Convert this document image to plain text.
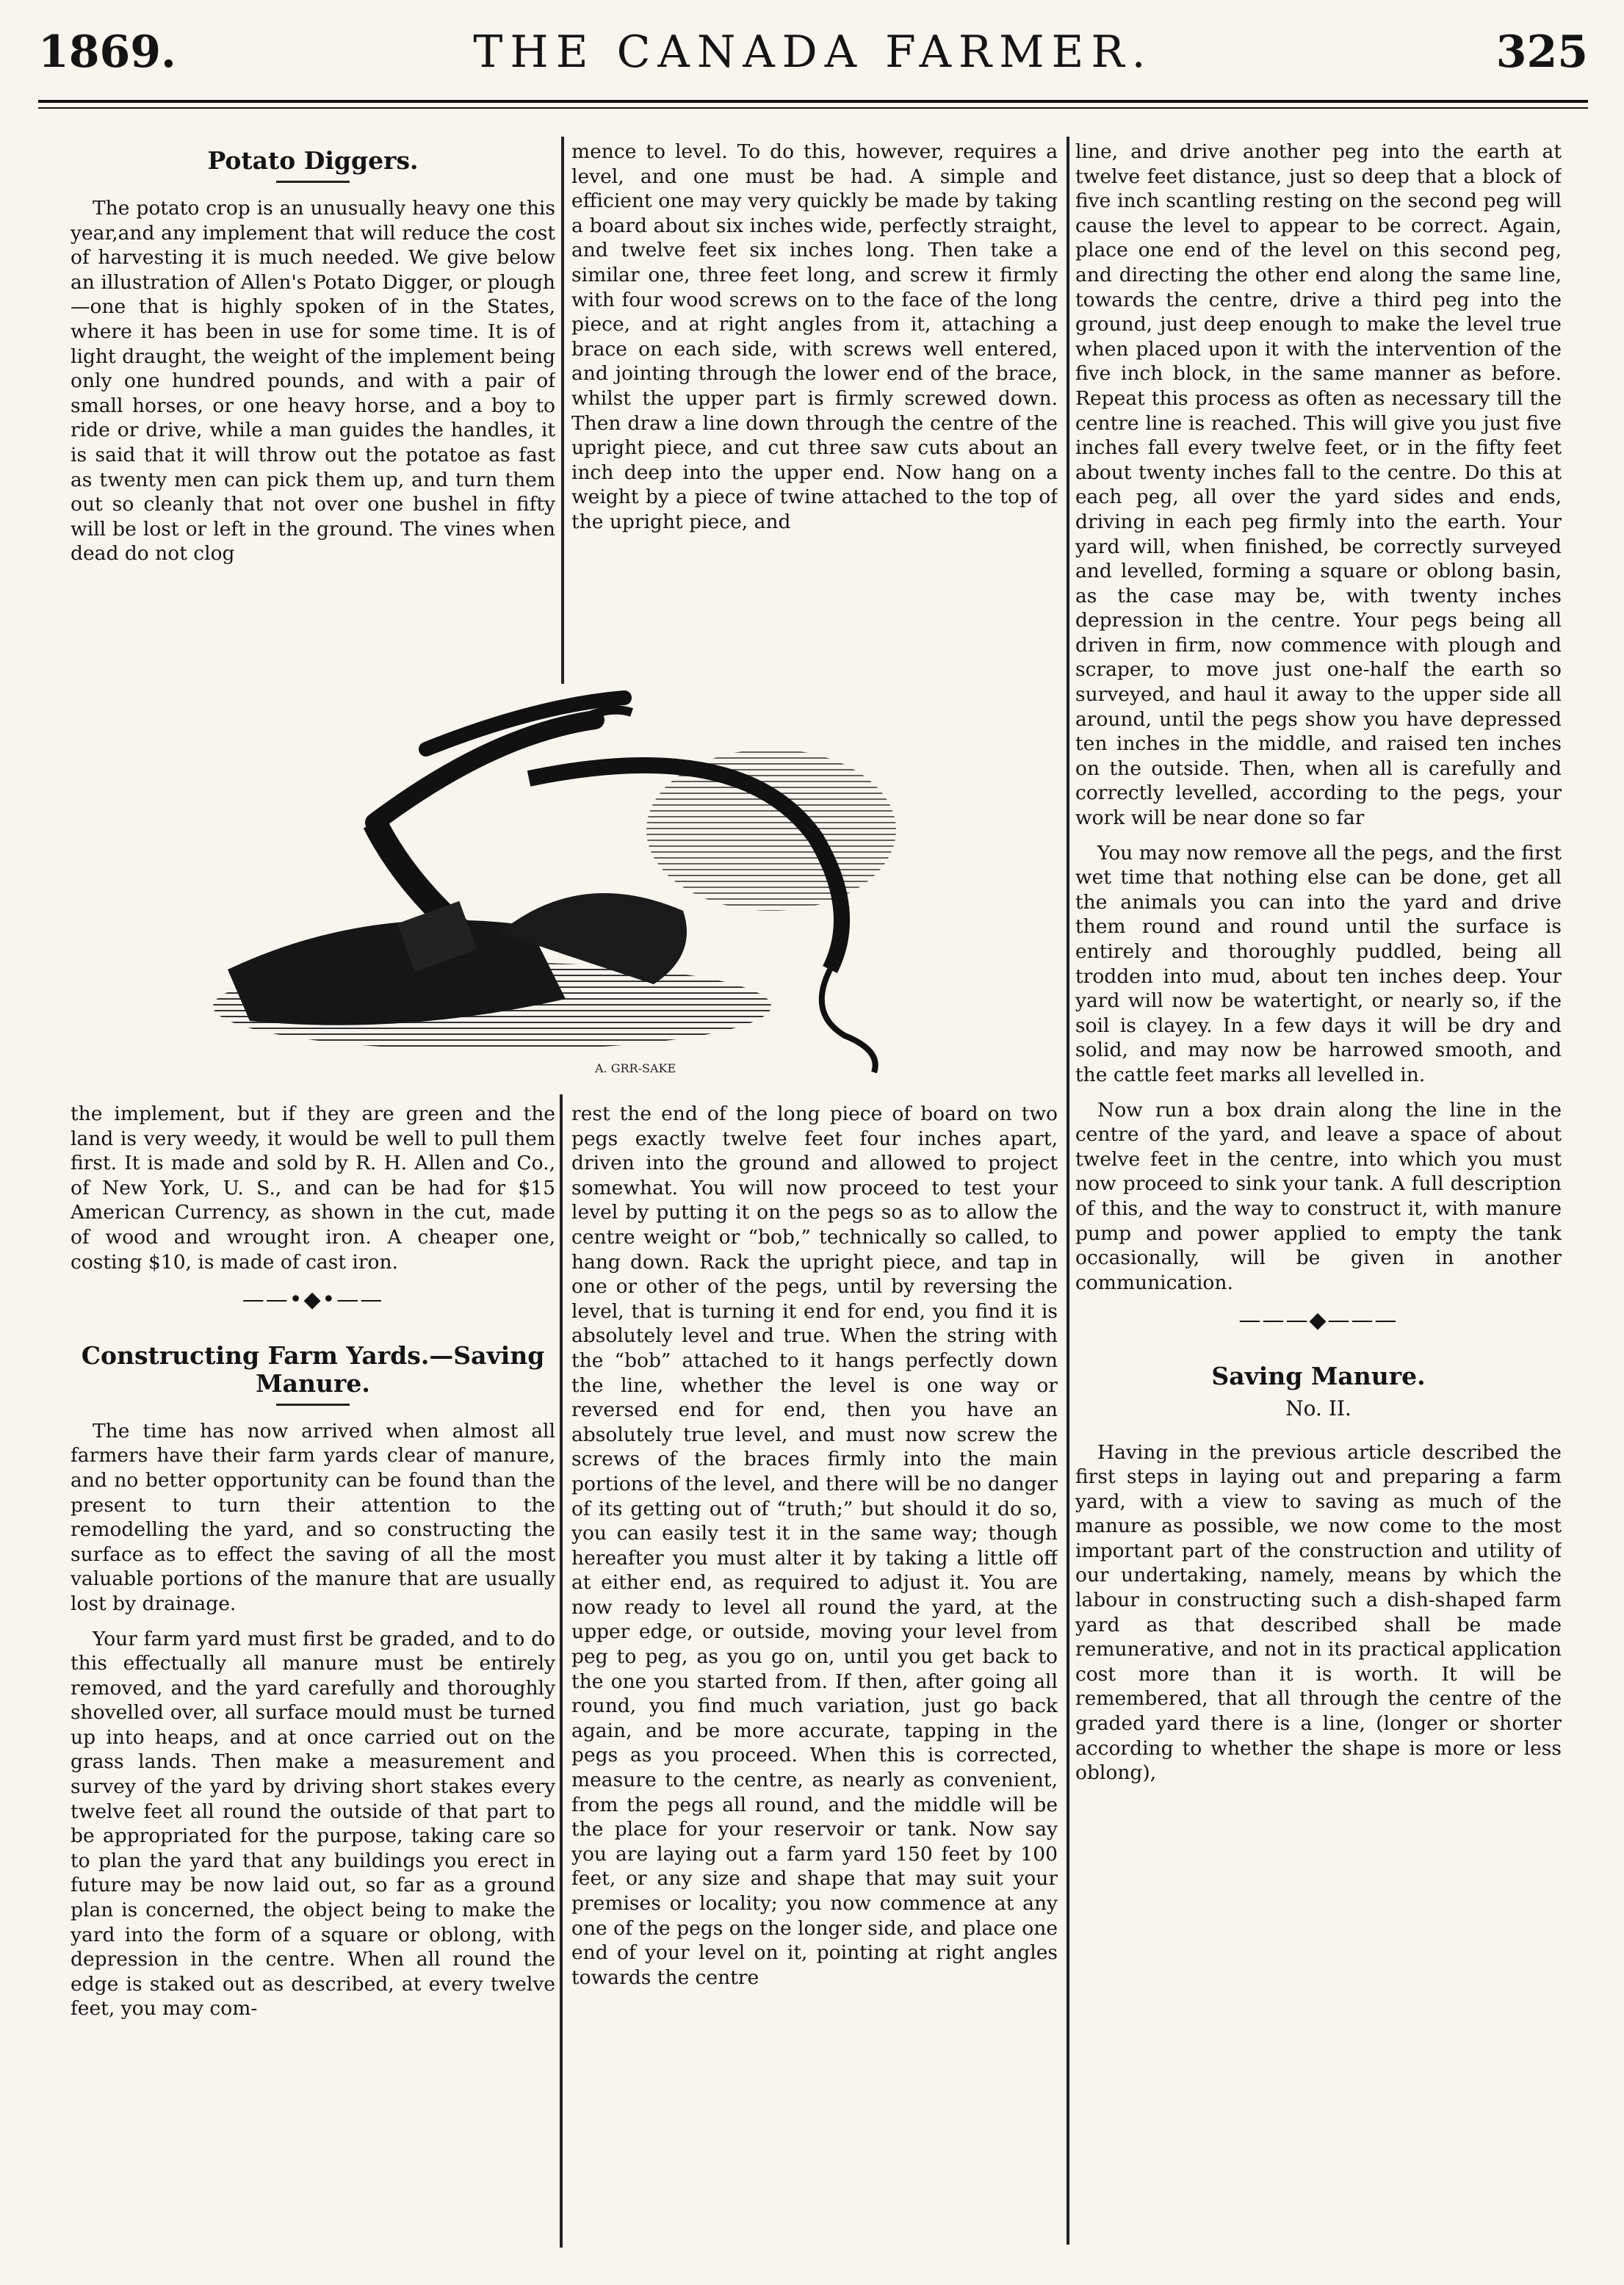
1869.	THE CANADA FARMER.	325
Potato Diggers.

The potato crop is an unusually heavy one this year,and any implement that will reduce the cost of harvesting it is much needed. We give below an illustration of Allen's Potato Digger, or plough—one that is highly spoken of in the States, where it has been in use for some time. It is of light draught, the weight of the implement being only one hundred pounds, and with a pair of small horses, or one heavy horse, and a boy to ride or drive, while a man guides the handles, it is said that it will throw out the potatoe as fast as twenty men can pick them up, and turn them out so cleanly that not over one bushel in fifty will be lost or left in the ground. The vines when dead do not clog

mence to level. To do this, however, requires a level, and one must be had. A simple and efficient one may very quickly be made by taking a board about six inches wide, perfectly straight, and twelve feet six inches long. Then take a similar one, three feet long, and screw it firmly with four wood screws on to the face of the long piece, and at right angles from it, attaching a brace on each side, with screws well entered, and jointing through the lower end of the brace, whilst the upper part is firmly screwed down. Then draw a line down through the centre of the upright piece, and cut three saw cuts about an inch deep into the upper end. Now hang on a weight by a piece of twine attached to the top of the upright piece, and

A. GRR-SAKE

line, and drive another peg into the earth at twelve feet distance, just so deep that a block of five inch scantling resting on the second peg will cause the level to appear to be correct. Again, place one end of the level on this second peg, and directing the other end along the same line, towards the centre, drive a third peg into the ground, just deep enough to make the level true when placed upon it with the intervention of the five inch block, in the same manner as before. Repeat this process as often as necessary till the centre line is reached. This will give you just five inches fall every twelve feet, or in the fifty feet about twenty inches fall to the centre. Do this at each peg, all over the yard sides and ends, driving in each peg firmly into the earth. Your yard will, when finished, be correctly surveyed and levelled, forming a square or oblong basin, as the case may be, with twenty inches depression in the centre. Your pegs being all driven in firm, now commence with plough and scraper, to move just one-half the earth so surveyed, and haul it away to the upper side all around, until the pegs show you have depressed ten inches in the middle, and raised ten inches on the outside. Then, when all is carefully and correctly levelled, according to the pegs, your work will be near done so far

You may now remove all the pegs, and the first wet time that nothing else can be done, get all the animals you can into the yard and drive them round and round until the surface is entirely and thoroughly puddled, being all trodden into mud, about ten inches deep. Your yard will now be watertight, or nearly so, if the soil is clayey. In a few days it will be dry and solid, and may now be harrowed smooth, and the cattle feet marks all levelled in.

Now run a box drain along the line in the centre of the yard, and leave a space of about twelve feet in the centre, into which you must now proceed to sink your tank. A full description of this, and the way to construct it, with manure pump and power applied to empty the tank occasionally, will be given in another communication.

———◆———
Saving Manure.
No. II.

Having in the previous article described the first steps in laying out and preparing a farm yard, with a view to saving as much of the manure as possible, we now come to the most important part of the construction and utility of our undertaking, namely, means by which the labour in constructing such a dish-shaped farm yard as that described shall be made remunerative, and not in its practical application cost more than it is worth. It will be remembered, that all through the centre of the graded yard there is a line, (longer or shorter according to whether the shape is more or less oblong),

the implement, but if they are green and the land is very weedy, it would be well to pull them first. It is made and sold by R. H. Allen and Co., of New York, U. S., and can be had for $15 American Currency, as shown in the cut, made of wood and wrought iron. A cheaper one, costing $10, is made of cast iron.

——•◆•——
Constructing Farm Yards.—Saving Manure.

The time has now arrived when almost all farmers have their farm yards clear of manure, and no better opportunity can be found than the present to turn their attention to the remodelling the yard, and so constructing the surface as to effect the saving of all the most valuable portions of the manure that are usually lost by drainage.

Your farm yard must first be graded, and to do this effectually all manure must be entirely removed, and the yard carefully and thoroughly shovelled over, all surface mould must be turned up into heaps, and at once carried out on the grass lands. Then make a measurement and survey of the yard by driving short stakes every twelve feet all round the outside of that part to be appropriated for the purpose, taking care so to plan the yard that any buildings you erect in future may be now laid out, so far as a ground plan is concerned, the object being to make the yard into the form of a square or oblong, with depression in the centre. When all round the edge is staked out as described, at every twelve feet, you may com-

rest the end of the long piece of board on two pegs exactly twelve feet four inches apart, driven into the ground and allowed to project somewhat. You will now proceed to test your level by putting it on the pegs so as to allow the centre weight or “bob,” technically so called, to hang down. Rack the upright piece, and tap in one or other of the pegs, until by reversing the level, that is turning it end for end, you find it is absolutely level and true. When the string with the “bob” attached to it hangs perfectly down the line, whether the level is one way or reversed end for end, then you have an absolutely true level, and must now screw the screws of the braces firmly into the main portions of the level, and there will be no danger of its getting out of “truth;” but should it do so, you can easily test it in the same way; though hereafter you must alter it by taking a little off at either end, as required to adjust it. You are now ready to level all round the yard, at the upper edge, or outside, moving your level from peg to peg, as you go on, until you get back to the one you started from. If then, after going all round, you find much variation, just go back again, and be more accurate, tapping in the pegs as you proceed. When this is corrected, measure to the centre, as nearly as convenient, from the pegs all round, and the middle will be the place for your reservoir or tank. Now say you are laying out a farm yard 150 feet by 100 feet, or any size and shape that may suit your premises or locality; you now commence at any one of the pegs on the longer side, and place one end of your level on it, pointing at right angles towards the centre
